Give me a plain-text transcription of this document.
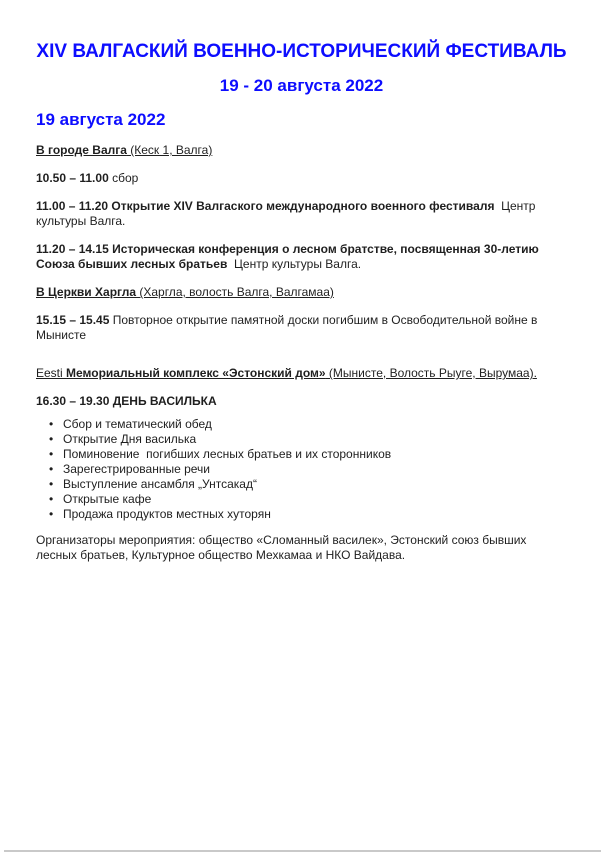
XIV ВАЛГАСКИЙ ВОЕННО-ИСТОРИЧЕСКИЙ ФЕСТИВАЛЬ
19 - 20 августа 2022
19 августа 2022

В городе Валга (Кеск 1, Валга)

10.50 – 11.00 сбор

11.00 – 11.20 Открытие XIV Валгаского международного военного фестиваля  Центр культуры Валга.

11.20 – 14.15 Историческая конференция о лесном братстве, посвященная 30-летию Союза бывших лесных братьев  Центр культуры Валга.

В Церкви Харгла (Харгла, волость Валга, Валгамаа)

15.15 – 15.45 Повторное открытие памятной доски погибшим в Освободительной войне в Мынисте

Eesti Мемориальный комплекс «Эстонский дом» (Мынисте, Волость Рыуге, Вырумаа).

16.30 – 19.30 ДЕНЬ ВАСИЛЬКА

• Сбор и тематический обед
• Открытие Дня василька
• Поминовение  погибших лесных братьев и их сторонников
• Зарегестрированные речи
• Выступление ансамбля „Унтсакад“
• Открытые кафе
• Продажа продуктов местных хуторян

Организаторы мероприятия: общество «Сломанный василек», Эстонский союз бывших лесных братьев, Культурное общество Мехкамаа и НКО Вайдава.
